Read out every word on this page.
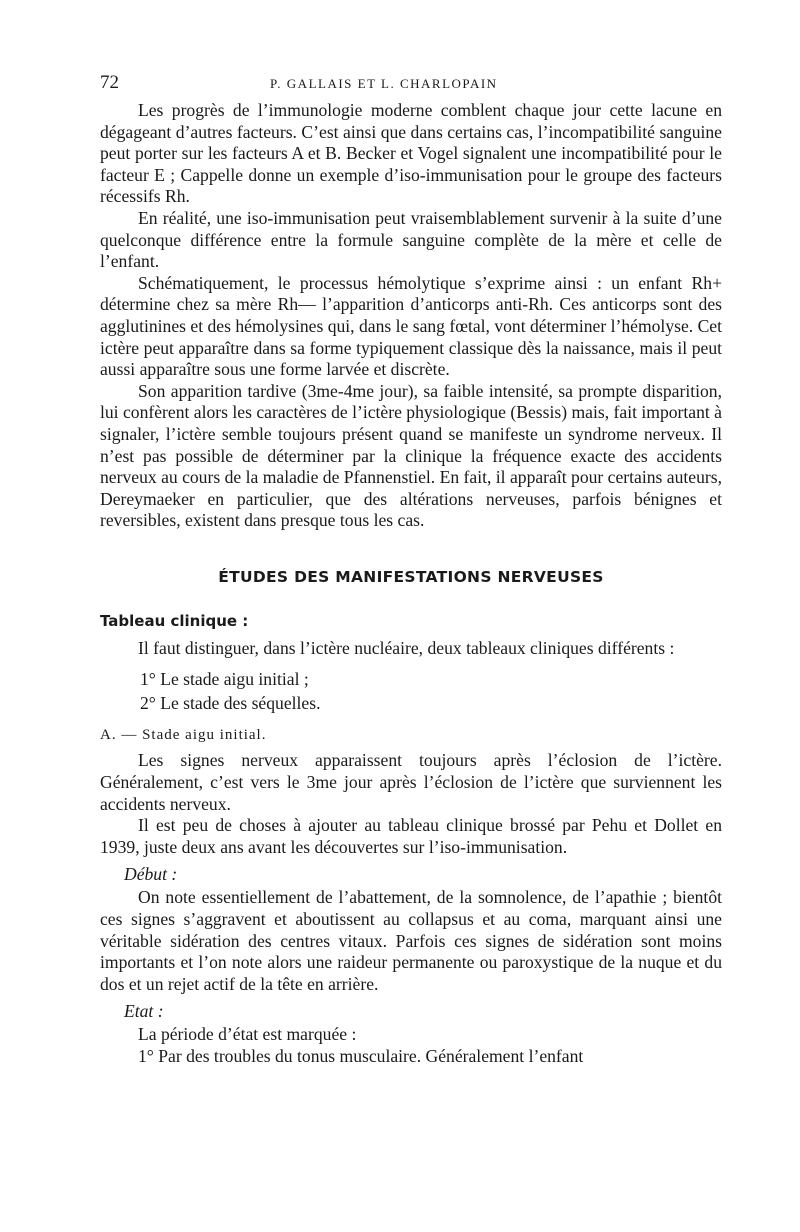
72	P. GALLAIS ET L. CHARLOPAIN

Les progrès de l’immunologie moderne comblent chaque jour cette lacune en dégageant d’autres facteurs. C’est ainsi que dans certains cas, l’incompatibilité sanguine peut porter sur les facteurs A et B. Becker et Vogel signalent une incompatibilité pour le facteur E ; Cappelle donne un exemple d’iso-immunisation pour le groupe des facteurs récessifs Rh.

En réalité, une iso-immunisation peut vraisemblablement survenir à la suite d’une quelconque différence entre la formule sanguine complète de la mère et celle de l’enfant.

Schématiquement, le processus hémolytique s’exprime ainsi : un enfant Rh+ détermine chez sa mère Rh— l’apparition d’anticorps anti-Rh. Ces anticorps sont des agglutinines et des hémolysines qui, dans le sang fœtal, vont déterminer l’hémolyse. Cet ictère peut apparaître dans sa forme typiquement classique dès la naissance, mais il peut aussi apparaître sous une forme larvée et discrète.

Son apparition tardive (3me-4me jour), sa faible intensité, sa prompte disparition, lui confèrent alors les caractères de l’ictère physiologique (Bessis) mais, fait important à signaler, l’ictère semble toujours présent quand se manifeste un syndrome nerveux. Il n’est pas possible de déterminer par la clinique la fréquence exacte des accidents nerveux au cours de la maladie de Pfannenstiel. En fait, il apparaît pour certains auteurs, Dereymaeker en particulier, que des altérations nerveuses, parfois bénignes et reversibles, existent dans presque tous les cas.

ÉTUDES DES MANIFESTATIONS NERVEUSES
Tableau clinique :

Il faut distinguer, dans l’ictère nucléaire, deux tableaux cliniques différents :

1° Le stade aigu initial ;
2° Le stade des séquelles.
A. — Stade aigu initial.

Les signes nerveux apparaissent toujours après l’éclosion de l’ictère. Généralement, c’est vers le 3me jour après l’éclosion de l’ictère que surviennent les accidents nerveux.

Il est peu de choses à ajouter au tableau clinique brossé par Pehu et Dollet en 1939, juste deux ans avant les découvertes sur l’iso-immunisation.

Début :

On note essentiellement de l’abattement, de la somnolence, de l’apathie ; bientôt ces signes s’aggravent et aboutissent au collapsus et au coma, marquant ainsi une véritable sidération des centres vitaux. Parfois ces signes de sidération sont moins importants et l’on note alors une raideur permanente ou paroxystique de la nuque et du dos et un rejet actif de la tête en arrière.

Etat :

La période d’état est marquée :

1° Par des troubles du tonus musculaire. Généralement l’enfant
